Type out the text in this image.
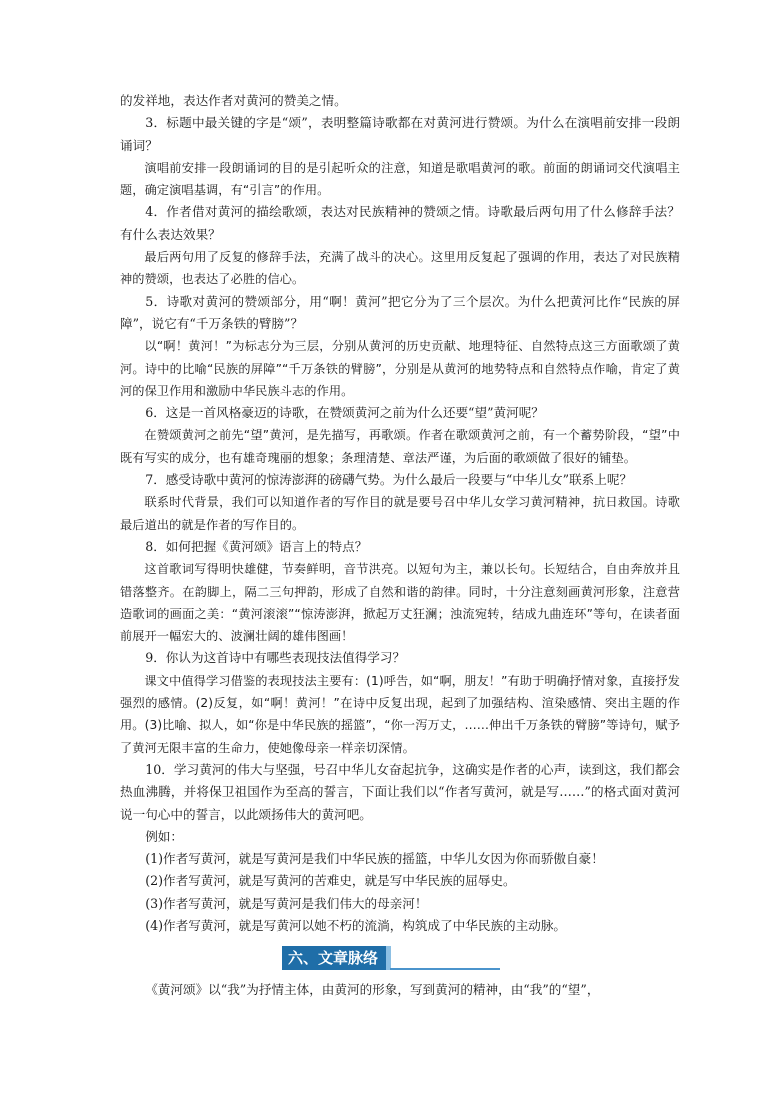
的发祥地，表达作者对黄河的赞美之情。

3．标题中最关键的字是“颂”，表明整篇诗歌都在对黄河进行赞颂。为什么在演唱前安排一段朗诵词？

演唱前安排一段朗诵词的目的是引起听众的注意，知道是歌唱黄河的歌。前面的朗诵词交代演唱主题，确定演唱基调，有“引言”的作用。

4．作者借对黄河的描绘歌颂，表达对民族精神的赞颂之情。诗歌最后两句用了什么修辞手法？有什么表达效果？

最后两句用了反复的修辞手法，充满了战斗的决心。这里用反复起了强调的作用，表达了对民族精神的赞颂，也表达了必胜的信心。

5．诗歌对黄河的赞颂部分，用“啊！黄河”把它分为了三个层次。为什么把黄河比作“民族的屏障”，说它有“千万条铁的臂膀”？

以“啊！黄河！”为标志分为三层，分别从黄河的历史贡献、地理特征、自然特点这三方面歌颂了黄河。诗中的比喻“民族的屏障”“千万条铁的臂膀”，分别是从黄河的地势特点和自然特点作喻，肯定了黄河的保卫作用和激励中华民族斗志的作用。

6．这是一首风格豪迈的诗歌，在赞颂黄河之前为什么还要“望”黄河呢？

在赞颂黄河之前先“望”黄河，是先描写，再歌颂。作者在歌颂黄河之前，有一个蓄势阶段，“望”中既有写实的成分，也有雄奇瑰丽的想象；条理清楚、章法严谨，为后面的歌颂做了很好的铺垫。

7．感受诗歌中黄河的惊涛澎湃的磅礴气势。为什么最后一段要与“中华儿女”联系上呢？

联系时代背景，我们可以知道作者的写作目的就是要号召中华儿女学习黄河精神，抗日救国。诗歌最后道出的就是作者的写作目的。

8．如何把握《黄河颂》语言上的特点？

这首歌词写得明快雄健，节奏鲜明，音节洪亮。以短句为主，兼以长句。长短结合，自由奔放并且错落整齐。在韵脚上，隔二三句押韵，形成了自然和谐的韵律。同时，十分注意刻画黄河形象，注意营造歌词的画面之美：“黄河滚滚”“惊涛澎湃，掀起万丈狂澜；浊流宛转，结成九曲连环”等句，在读者面前展开一幅宏大的、波澜壮阔的雄伟图画！

9．你认为这首诗中有哪些表现技法值得学习？

课文中值得学习借鉴的表现技法主要有：(1)呼告，如“啊，朋友！”有助于明确抒情对象，直接抒发强烈的感情。(2)反复，如“啊！黄河！”在诗中反复出现，起到了加强结构、渲染感情、突出主题的作用。(3)比喻、拟人，如“你是中华民族的摇篮”，“你一泻万丈，……伸出千万条铁的臂膀”等诗句，赋予了黄河无限丰富的生命力，使她像母亲一样亲切深情。

10．学习黄河的伟大与坚强，号召中华儿女奋起抗争，这确实是作者的心声，读到这，我们都会热血沸腾，并将保卫祖国作为至高的誓言，下面让我们以“作者写黄河，就是写……”的格式面对黄河说一句心中的誓言，以此颂扬伟大的黄河吧。

例如：

(1)作者写黄河，就是写黄河是我们中华民族的摇篮，中华儿女因为你而骄傲自豪！

(2)作者写黄河，就是写黄河的苦难史，就是写中华民族的屈辱史。

(3)作者写黄河，就是写黄河是我们伟大的母亲河！

(4)作者写黄河，就是写黄河以她不朽的流淌，构筑成了中华民族的主动脉。

六、文章脉络

《黄河颂》以“我”为抒情主体，由黄河的形象，写到黄河的精神，由“我”的“望”，
